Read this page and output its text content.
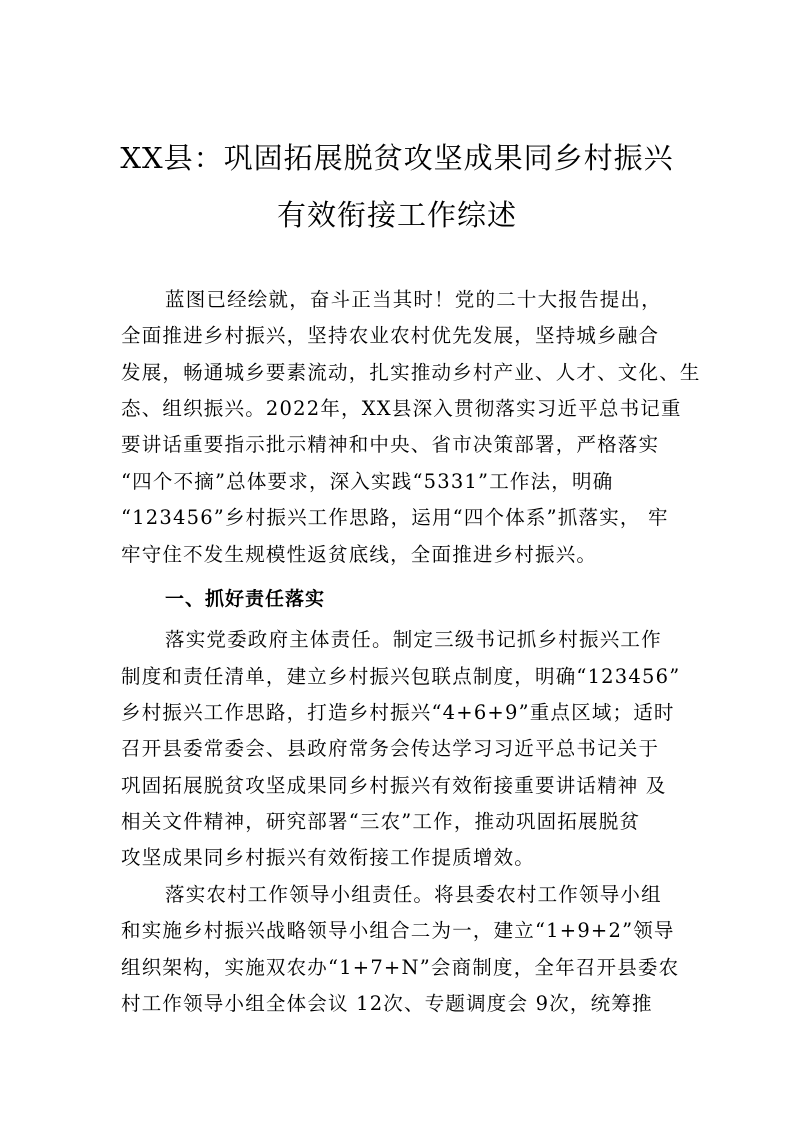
XX县：巩固拓展脱贫攻坚成果同乡村振兴
有效衔接工作综述
蓝图已经绘就，奋斗正当其时！党的二十大报告提出，
全面推进乡村振兴，坚持农业农村优先发展，坚持城乡融合
发展，畅通城乡要素流动，扎实推动乡村产业、人才、文化、生
态、组织振兴。2022年，XX县深入贯彻落实习近平总书记重
要讲话重要指示批示精神和中央、省市决策部署，严格落实
“四个不摘”总体要求，深入实践“5331”工作法，明确
“123456”乡村振兴工作思路，运用“四个体系”抓落实， 牢
牢守住不发生规模性返贫底线，全面推进乡村振兴。
一、抓好责任落实
落实党委政府主体责任。制定三级书记抓乡村振兴工作
制度和责任清单，建立乡村振兴包联点制度，明确“123456”
乡村振兴工作思路，打造乡村振兴“4+6+9”重点区域；适时
召开县委常委会、县政府常务会传达学习习近平总书记关于
巩固拓展脱贫攻坚成果同乡村振兴有效衔接重要讲话精神 及
相关文件精神，研究部署“三农”工作，推动巩固拓展脱贫
攻坚成果同乡村振兴有效衔接工作提质增效。
落实农村工作领导小组责任。将县委农村工作领导小组
和实施乡村振兴战略领导小组合二为一，建立“1+9+2”领导
组织架构，实施双农办“1+7+N”会商制度，全年召开县委农
村工作领导小组全体会议 12次、专题调度会 9次，统筹推
